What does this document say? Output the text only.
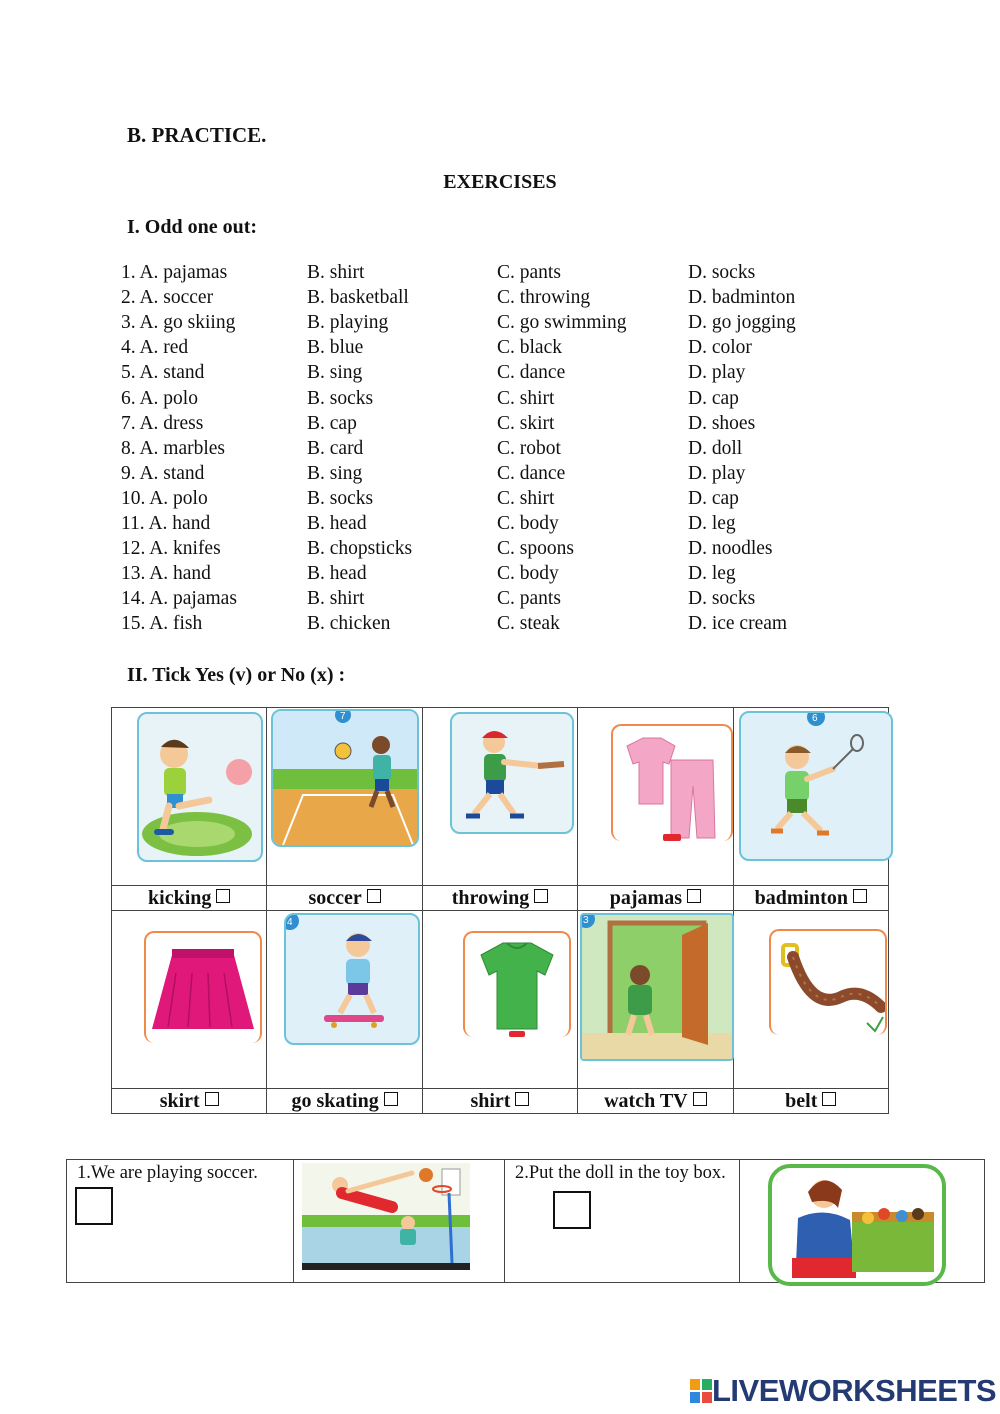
B. PRACTICE.
EXERCISES
I. Odd one out:
1. A. pajamas	B. shirt	C. pants	D. socks
2. A. soccer	B. basketball	C. throwing	D. badminton
3. A. go skiing	B. playing	C. go swimming	D. go jogging
4. A. red	B. blue	C. black	D. color
5. A. stand	B. sing	C. dance	D. play
6. A. polo	B. socks	C. shirt	D. cap
7. A. dress	B. cap	C. skirt	D. shoes
8. A. marbles	B. card	C. robot	D. doll
9. A. stand	B. sing	C. dance	D. play
10. A. polo	B. socks	C. shirt	D. cap
11. A. hand	B. head	C. body	D. leg
12. A. knifes	B. chopsticks	C. spoons	D. noodles
13. A. hand	B. head	C. body	D. leg
14. A. pajamas	B. shirt	C. pants	D. socks
15. A. fish	B. chicken	C. steak	D. ice cream
II. Tick Yes (v) or No (x) :

7			6

kicking	soccer	throwing	pajamas	badminton

4		3

skirt	go skating	shirt	watch TV	belt
1.We are playing soccer.		2.Put the doll in the toy box.

LIVEWORKSHEETS
